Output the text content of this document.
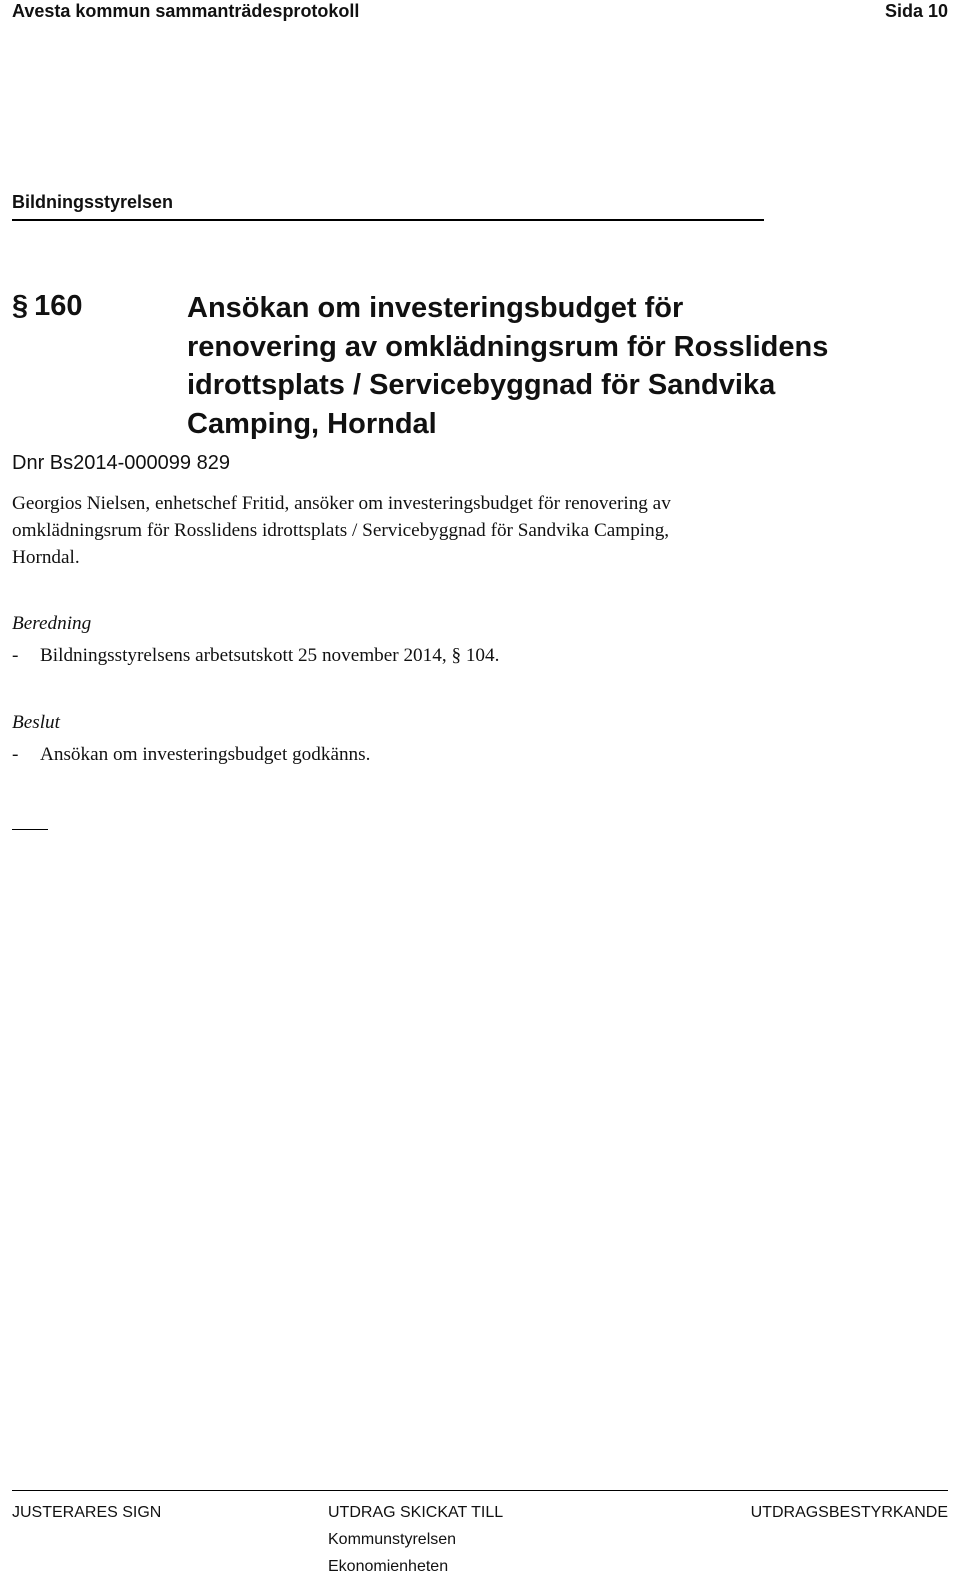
Avesta kommun sammanträdesprotokoll	Sida 10
Bildningsstyrelsen
§ 160	Ansökan om investeringsbudget för
renovering av omklädningsrum för Rosslidens
idrottsplats / Servicebyggnad för Sandvika
Camping, Horndal
Dnr Bs2014-000099 829
Georgios Nielsen, enhetschef Fritid, ansöker om investeringsbudget för renovering av
omklädningsrum för Rosslidens idrottsplats / Servicebyggnad för Sandvika Camping,
Horndal.
Beredning
- Bildningsstyrelsens arbetsutskott 25 november 2014, § 104.
Beslut
- Ansökan om investeringsbudget godkänns.
JUSTERARES SIGN	UTDRAG SKICKAT TILL
Kommunstyrelsen
Ekonomienheten
UTDRAGSBESTYRKANDE
